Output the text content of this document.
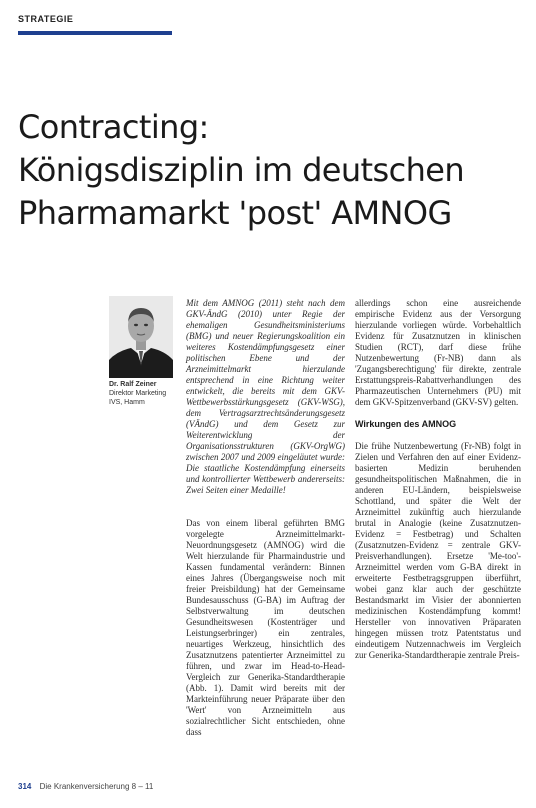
STRATEGIE
Contracting:
Königsdisziplin im deutschen
Pharmamarkt 'post' AMNOG
Dr. Ralf Zeiner
Direktor Marketing
IVS, Hamm

Mit dem AMNOG (2011) steht nach dem GKV-ÄndG (2010) unter Regie der ehemaligen Gesundheitsministeriums (BMG) und neuer Regierungskoalition ein weiteres Kostendämpfungsgesetz einer politischen Ebene und der Arzneimittelmarkt hierzulande entsprechend in eine Richtung weiter entwickelt, die bereits mit dem GKV-Wettbewerbsstärkungsgesetz (GKV-WSG), dem Vertragsarztrechtsänderungsgesetz (VÄndG) und dem Gesetz zur Weiterentwicklung der Organisationsstrukturen (GKV-OrgWG) zwischen 2007 und 2009 eingeläutet wurde: Die staatliche Kostendämpfung einerseits und kontrollierter Wettbewerb andererseits: Zwei Seiten einer Medaille!

Das von einem liberal geführten BMG vorgelegte Arzneimittelmarkt-Neuordnungsgesetz (AMNOG) wird die Welt hierzulande für Pharmaindustrie und Kassen fundamental verändern: Binnen eines Jahres (Übergangsweise noch mit freier Preisbildung) hat der Gemeinsame Bundesausschuss (G-BA) im Auftrag der Selbstverwaltung im deutschen Gesundheitswesen (Kostenträger und Leistungserbringer) ein zentrales, neuartiges Werkzeug, hinsichtlich des Zusatznutzens patentierter Arzneimittel zu führen, und zwar im Head-to-Head-Vergleich zur Generika-Standardtherapie (Abb. 1). Damit wird bereits mit der Markteinführung neuer Präparate über den 'Wert' von Arzneimitteln aus sozialrechtlicher Sicht entschieden, ohne dass

allerdings schon eine ausreichende empirische Evidenz aus der Versorgung hierzulande vorliegen würde. Vorbehaltlich Evidenz für Zusatznutzen in klinischen Studien (RCT), darf diese frühe Nutzenbewertung (Fr-NB) dann als 'Zugangsberechtigung' für direkte, zentrale Erstattungspreis-Rabattverhandlungen des Pharmazeutischen Unternehmers (PU) mit dem GKV-Spitzenverband (GKV-SV) gelten.

Wirkungen des AMNOG

Die frühe Nutzenbewertung (Fr-NB) folgt in Zielen und Verfahren den auf einer Evidenz-basierten Medizin beruhenden gesundheitspolitischen Maßnahmen, die in anderen EU-Ländern, beispielsweise Schottland, und später die Welt der Arzneimittel zukünftig auch hierzulande brutal in Analogie (keine Zusatznutzen-Evidenz = Festbetrag) und Schalten (Zusatznutzen-Evidenz = zentrale GKV-Preisverhandlungen). Ersetze 'Me-too'-Arzneimittel werden vom G-BA direkt in erweiterte Festbetragsgruppen überführt, wobei ganz klar auch der geschützte Bestandsmarkt im Visier der abonnierten medizinischen Kostendämpfung kommt! Hersteller von innovativen Präparaten hingegen müssen trotz Patentstatus und eindeutigem Nutzennachweis im Vergleich zur Generika-Standardtherapie zentrale Preis-

314 Die Krankenversicherung 8 – 11
